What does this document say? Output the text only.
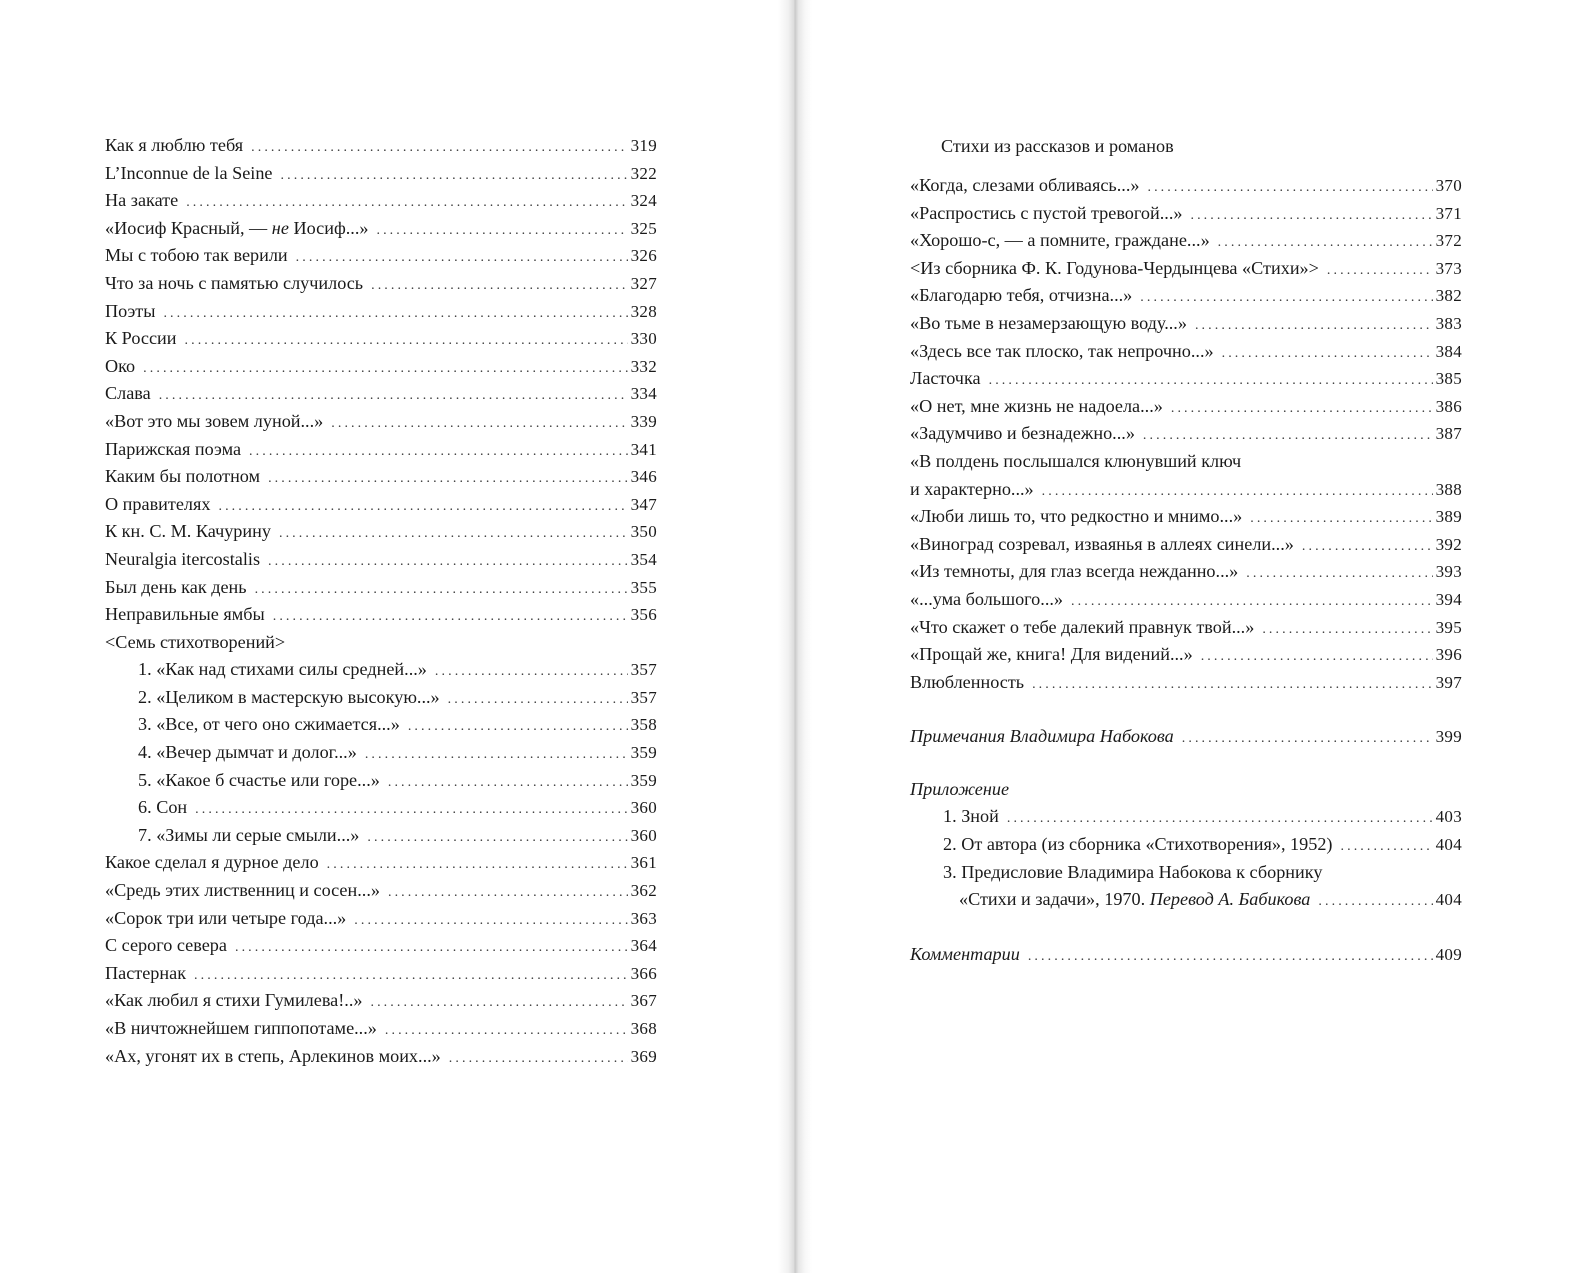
Как я люблю тебя .....	319
L’Inconnue de la Seine .....	322
На закате .....	324
«Иосиф Красный, — не Иосиф...» .....	325
Мы с тобою так верили .....	326
Что за ночь с памятью случилось .....	327
Поэты .....	328
К России .....	330
Око .....	332
Слава .....	334
«Вот это мы зовем луной...» .....	339
Парижская поэма .....	341
Каким бы полотном .....	346
О правителях .....	347
К кн. С. М. Качурину .....	350
Neuralgia itercostalis .....	354
Был день как день .....	355
Неправильные ямбы .....	356
<Семь стихотворений>
1. «Как над стихами силы средней...» .....	357
2. «Целиком в мастерскую высокую...» .....	357
3. «Все, от чего оно сжимается...» .....	358
4. «Вечер дымчат и долог...» .....	359
5. «Какое б счастье или горе...» .....	359
6. Сон .....	360
7. «Зимы ли серые смыли...» .....	360
Какое сделал я дурное дело .....	361
«Средь этих лиственниц и сосен...» .....	362
«Сорок три или четыре года...» .....	363
С серого севера .....	364
Пастернак .....	366
«Как любил я стихи Гумилева!..» .....	367
«В ничтожнейшем гиппопотаме...» .....	368
«Ах, угонят их в степь, Арлекинов моих...» .....	369
Стихи из рассказов и романов
«Когда, слезами обливаясь...» .....	370
«Распростись с пустой тревогой...» .....	371
«Хорошо-с, — а помните, граждане...» .....	372
<Из сборника Ф. К. Годунова-Чердынцева «Стихи»> .....	373
«Благодарю тебя, отчизна...» .....	382
«Во тьме в незамерзающую воду...» .....	383
«Здесь все так плоско, так непрочно...» .....	384
Ласточка .....	385
«О нет, мне жизнь не надоела...» .....	386
«Задумчиво и безнадежно...» .....	387
«В полдень послышался клюнувший ключ
и характерно...» .....	388
«Люби лишь то, что редкостно и мнимо...» .....	389
«Виноград созревал, изваянья в аллеях синели...» .....	392
«Из темноты, для глаз всегда нежданно...» .....	393
«...ума большого...» .....	394
«Что скажет о тебе далекий правнук твой...» .....	395
«Прощай же, книга! Для видений...» .....	396
Влюбленность .....	397
Примечания Владимира Набокова .....	399
Приложение
1. Зной .....	403
2. От автора (из сборника «Стихотворения», 1952) .....	404
3. Предисловие Владимира Набокова к сборнику
«Стихи и задачи», 1970. Перевод А. Бабикова .....	404
Комментарии .....	409
